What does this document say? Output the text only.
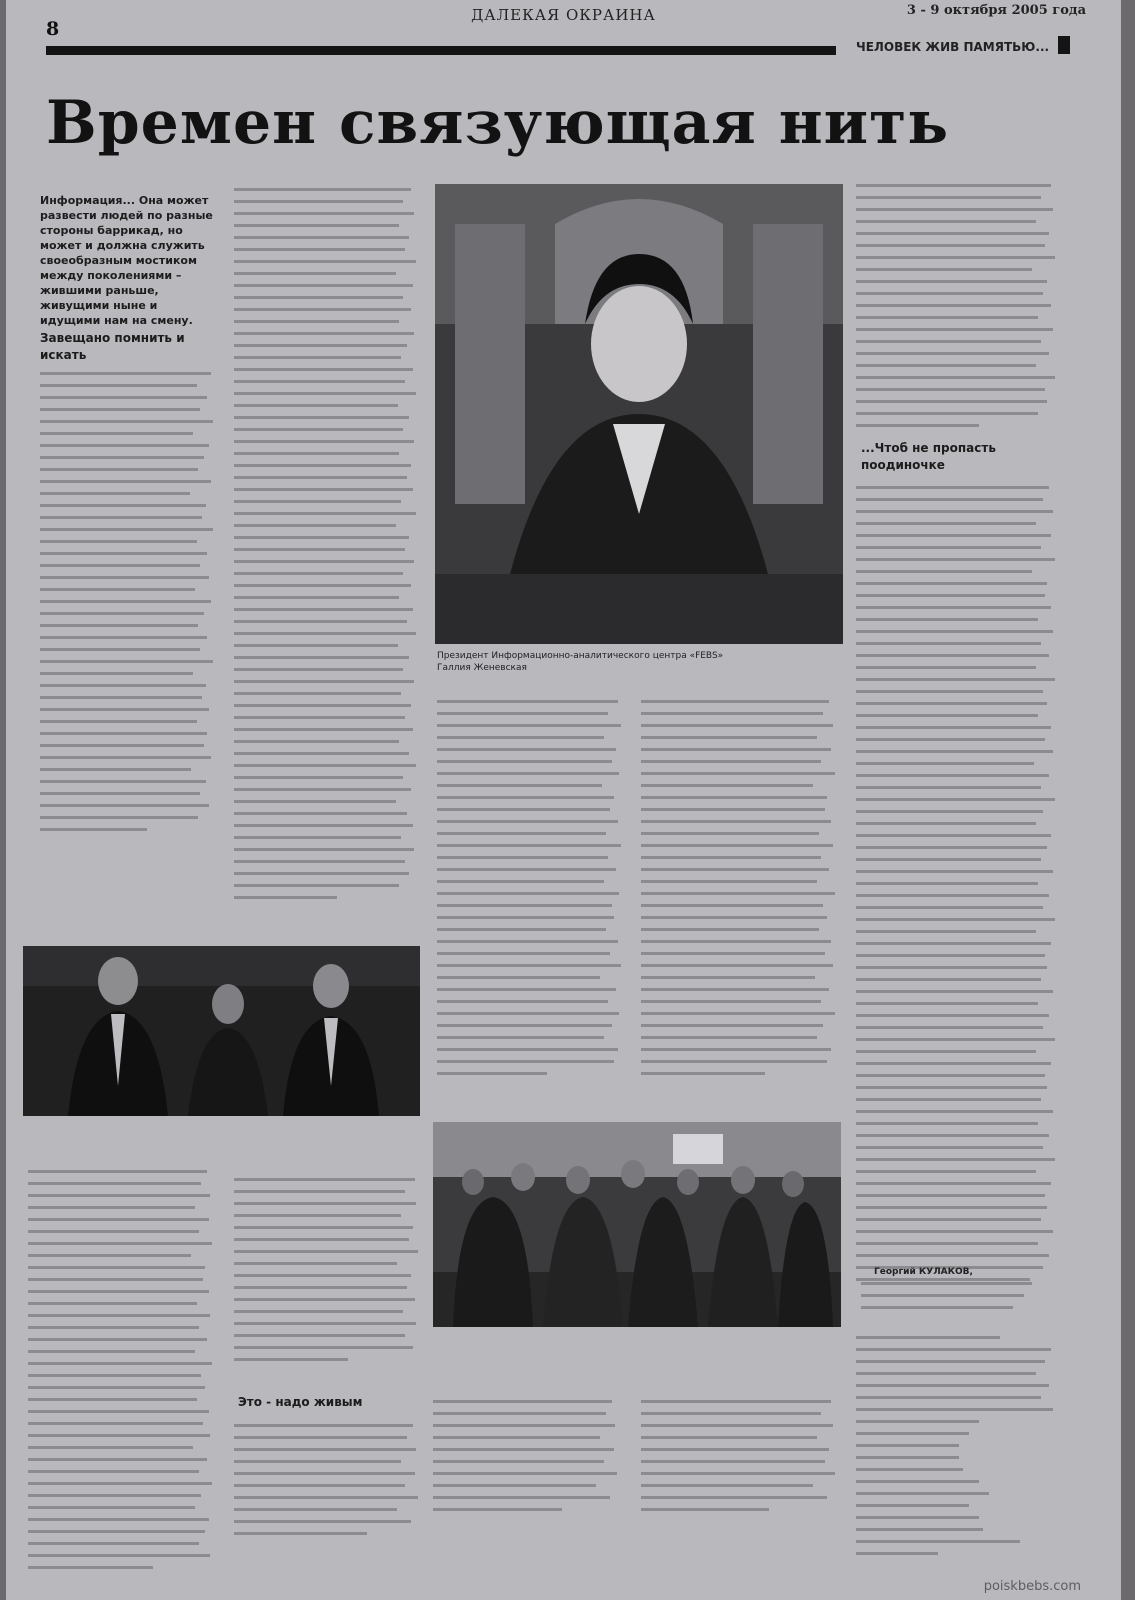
8
ДАЛЕКАЯ ОКРАИНА	3 - 9 октября 2005 года
ЧЕЛОВЕК ЖИВ ПАМЯТЬЮ...
Времен связующая нить
Информация... Она может развести людей по разные стороны баррикад, но может и должна служить своеобразным мостиком между поколениями – жившими раньше, живущими ныне и идущими нам на смену.
Завещано помнить и искать
Президент Информационно-аналитического центра «FEBS» Галлия Женевская
...Чтоб не пропасть поодиночке
Это - надо живым
Георгий КУЛАКОВ,
poiskbebs.com
